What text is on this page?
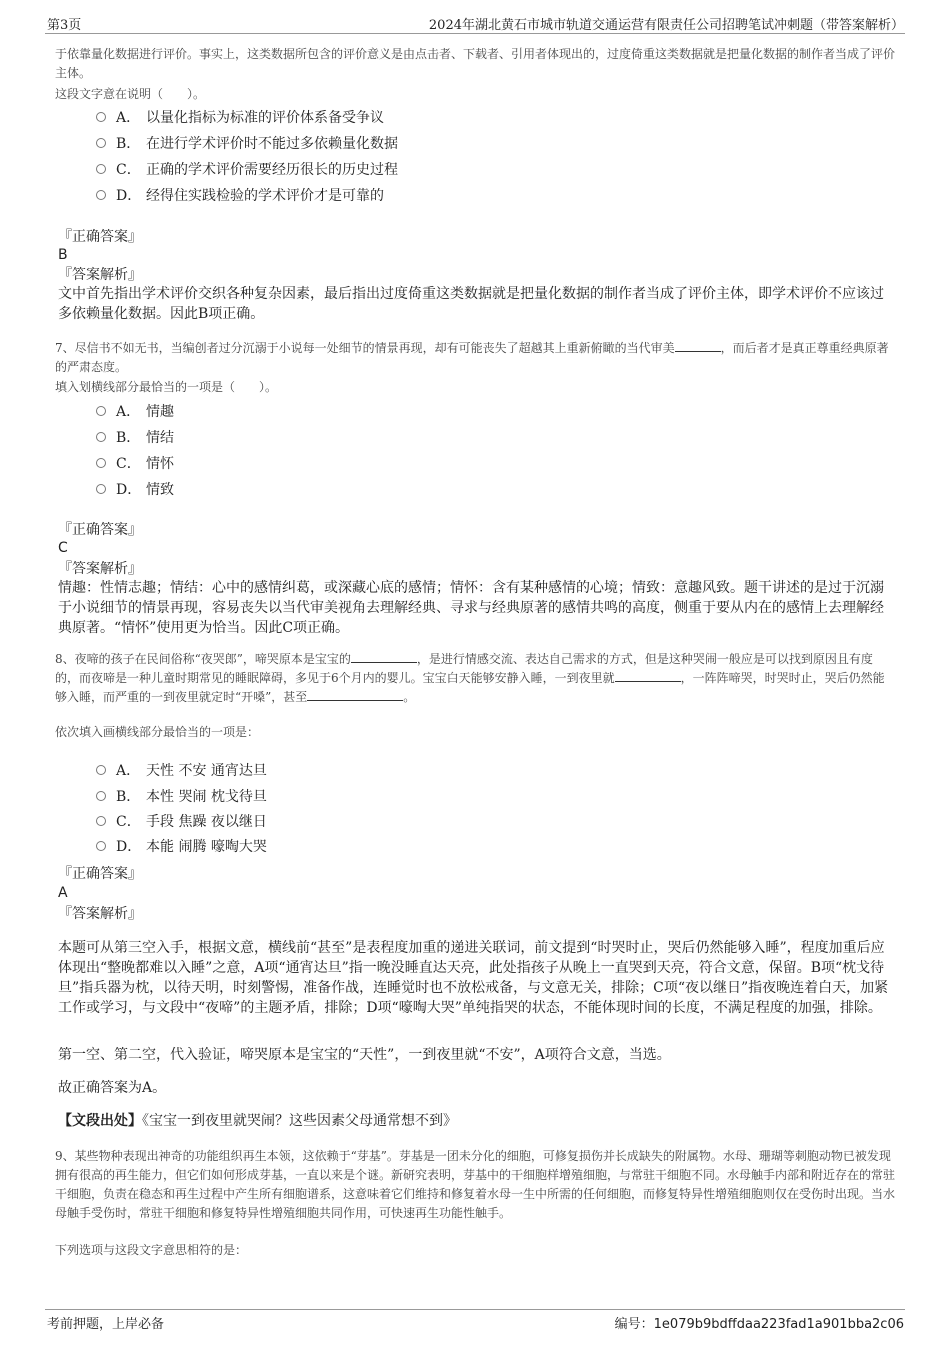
第3页	2024年湖北黄石市城市轨道交通运营有限责任公司招聘笔试冲刺题（带答案解析）
于依靠量化数据进行评价。事实上，这类数据所包含的评价意义是由点击者、下载者、引用者体现出的，过度倚重这类数据就是把量化数据的制作者当成了评价主体。
这段文字意在说明（　　）。
A． 以量化指标为标准的评价体系备受争议
B． 在进行学术评价时不能过多依赖量化数据
C． 正确的学术评价需要经历很长的历史过程
D． 经得住实践检验的学术评价才是可靠的
『正确答案』
B
『答案解析』
文中首先指出学术评价交织各种复杂因素，最后指出过度倚重这类数据就是把量化数据的制作者当成了评价主体，即学术评价不应该过多依赖量化数据。因此B项正确。
7、尽信书不如无书，当编创者过分沉溺于小说每一处细节的情景再现，却有可能丧失了超越其上重新俯瞰的当代审美	，而后者才是真正尊重经典原著的严肃态度。
填入划横线部分最恰当的一项是（　　）。
A． 情趣
B． 情结
C． 情怀
D． 情致
『正确答案』
C
『答案解析』
情趣：性情志趣；情结：心中的感情纠葛，或深藏心底的感情；情怀：含有某种感情的心境；情致：意趣风致。题干讲述的是过于沉溺于小说细节的情景再现，容易丧失以当代审美视角去理解经典、寻求与经典原著的感情共鸣的高度，侧重于要从内在的感情上去理解经典原著。“情怀”使用更为恰当。因此C项正确。
8、夜啼的孩子在民间俗称“夜哭郎”，啼哭原本是宝宝的	，是进行情感交流、表达自己需求的方式，但是这种哭闹一般应是可以找到原因且有度的，而夜啼是一种儿童时期常见的睡眠障碍，多见于6个月内的婴儿。宝宝白天能够安静入睡，一到夜里就	，一阵阵啼哭，时哭时止，哭后仍然能够入睡，而严重的一到夜里就定时“开嗓”，甚至	。
依次填入画横线部分最恰当的一项是：
A． 天性 不安 通宵达旦
B． 本性 哭闹 枕戈待旦
C． 手段 焦躁 夜以继日
D． 本能 闹腾 嚎啕大哭
『正确答案』
A
『答案解析』
本题可从第三空入手，根据文意，横线前“甚至”是表程度加重的递进关联词，前文提到“时哭时止，哭后仍然能够入睡”，程度加重后应体现出“整晚都难以入睡”之意，A项“通宵达旦”指一晚没睡直达天亮，此处指孩子从晚上一直哭到天亮，符合文意，保留。B项“枕戈待旦”指兵器为枕，以待天明，时刻警惕，准备作战，连睡觉时也不放松戒备，与文意无关，排除；C项“夜以继日”指夜晚连着白天，加紧工作或学习，与文段中“夜啼”的主题矛盾，排除；D项“嚎啕大哭”单纯指哭的状态，不能体现时间的长度，不满足程度的加强，排除。
第一空、第二空，代入验证，啼哭原本是宝宝的“天性”，一到夜里就“不安”，A项符合文意，当选。
故正确答案为A。
【文段出处】《宝宝一到夜里就哭闹？这些因素父母通常想不到》
9、某些物种表现出神奇的功能组织再生本领，这依赖于“芽基”。芽基是一团未分化的细胞，可修复损伤并长成缺失的附属物。水母、珊瑚等刺胞动物已被发现拥有很高的再生能力，但它们如何形成芽基，一直以来是个谜。新研究表明，芽基中的干细胞样增殖细胞，与常驻干细胞不同。水母触手内部和附近存在的常驻干细胞，负责在稳态和再生过程中产生所有细胞谱系，这意味着它们维持和修复着水母一生中所需的任何细胞，而修复特异性增殖细胞则仅在受伤时出现。当水母触手受伤时，常驻干细胞和修复特异性增殖细胞共同作用，可快速再生功能性触手。
下列选项与这段文字意思相符的是：
考前押题，上岸必备	编号：1e079b9bdffdaa223fad1a901bba2c06
